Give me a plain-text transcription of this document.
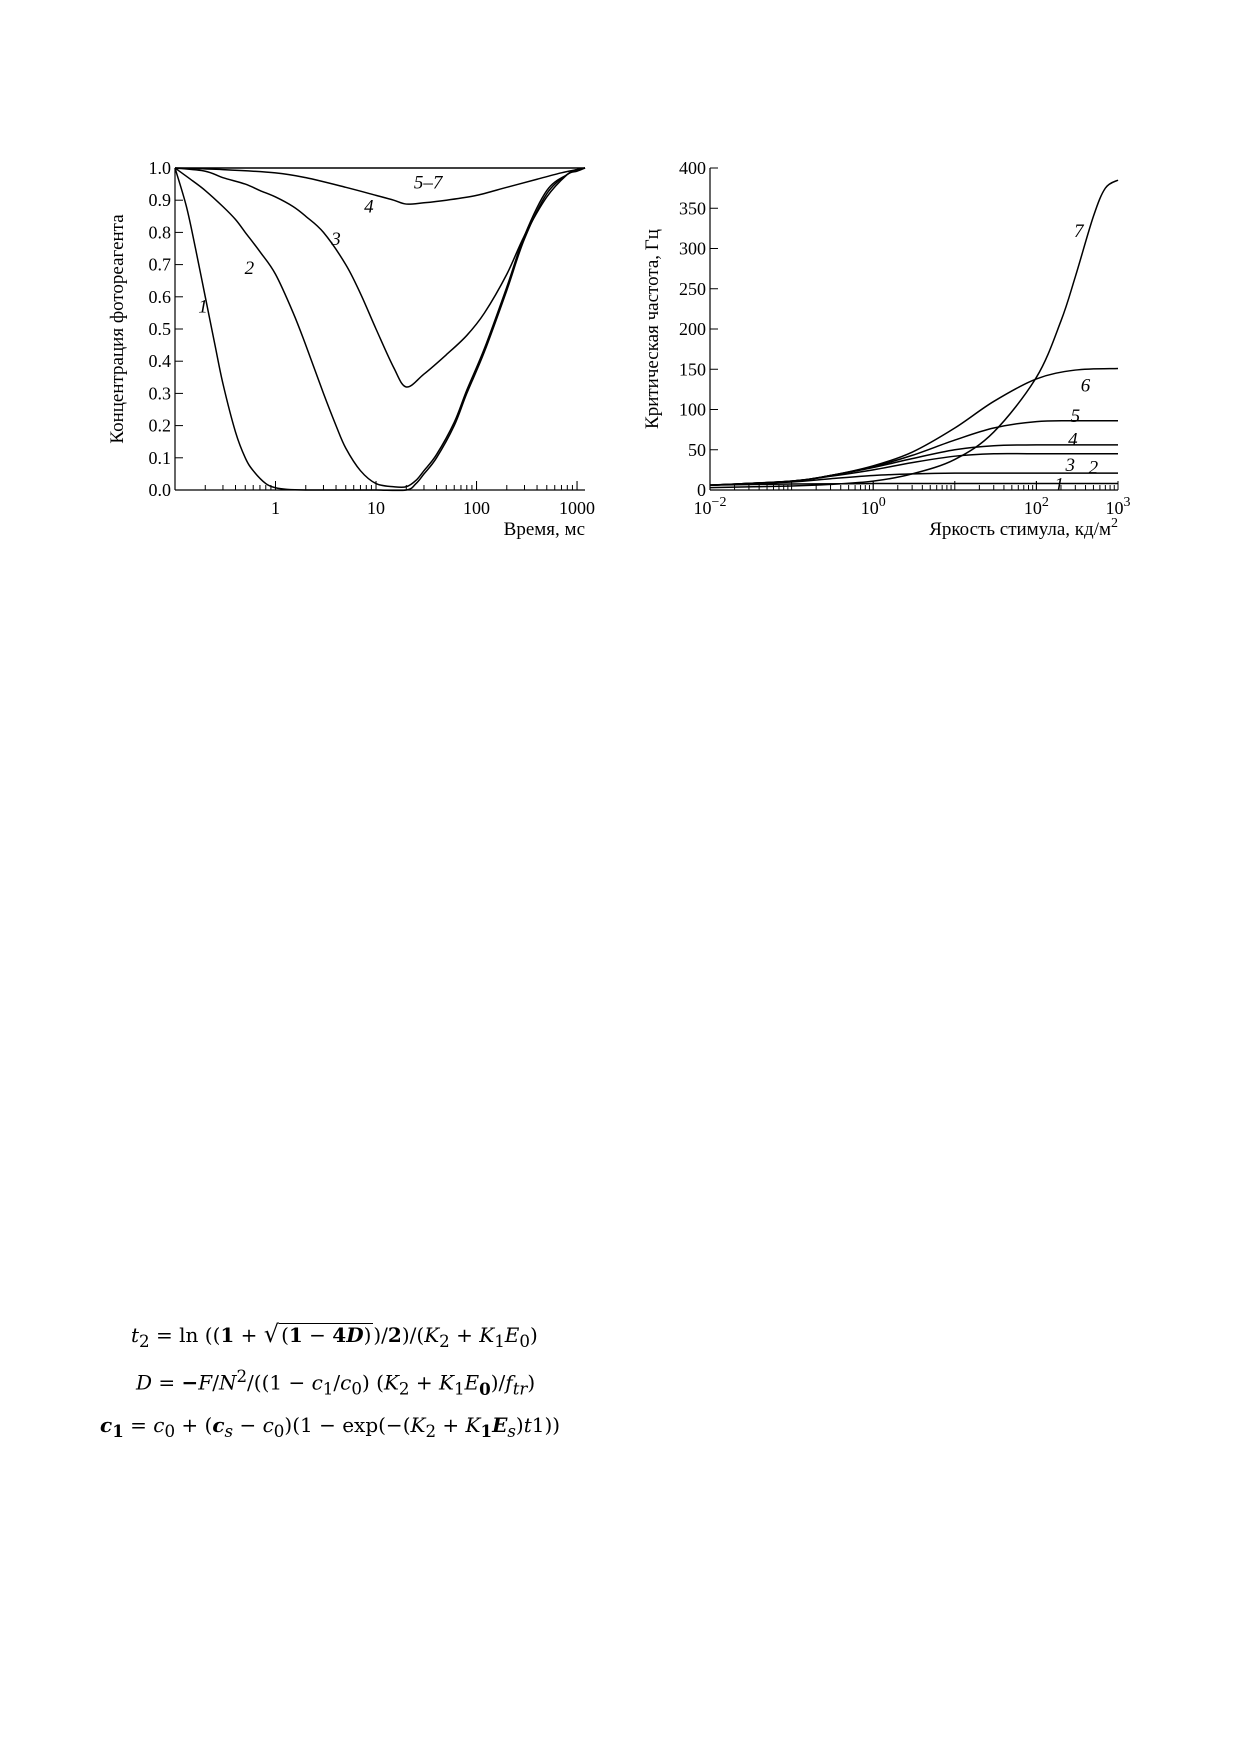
1	10	100	1000
0.0
0.1
0.2
0.3
0.4
0.5
0.6
0.7
0.8
0.9
1.0
Время, мс
Концентрация фотореагента	1
2
3
4
5–7
$10^{-2}$	$10^0$	$10^2$	$10^3$
0
50
100
150
200
250
300
350
400
Яркость стимула, $кд/м^2$
Критическая частота, Гц
1
2
3
4
5
6
7
$t_2 = \ln ((1$ + √ (1 − 4D) )$/2)/(K_2 + K_1E_0)$
$D = -F/N^2/((1 - c_1/c_0) (K_2 + K_1E_0)/f_{tr})$
$c_1 = c_0 + (c_s - c_0)(1 - \exp(-(K_2 + K_1E_s)t1))$
